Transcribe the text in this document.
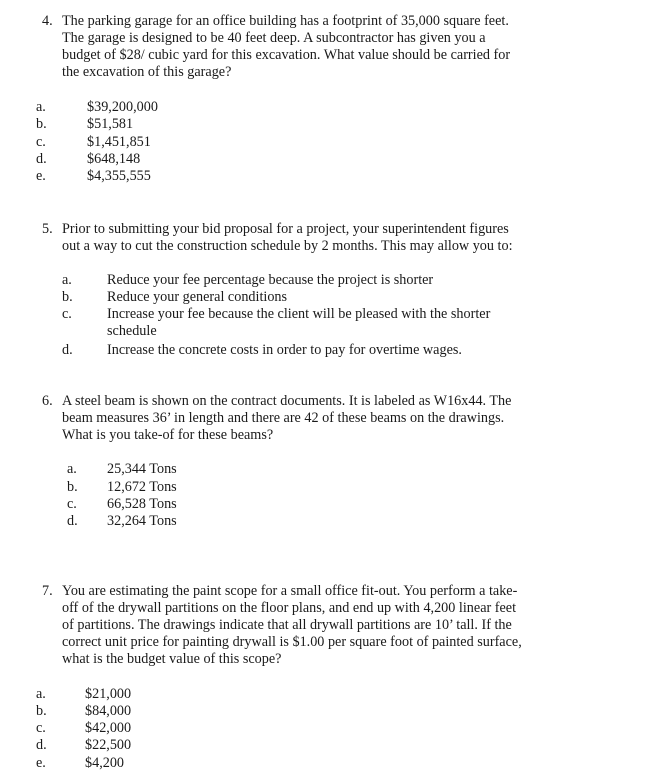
4. The parking garage for an office building has a footprint of 35,000 square feet.
The garage is designed to be 40 feet deep. A subcontractor has given you a
budget of $28/ cubic yard for this excavation. What value should be carried for
the excavation of this garage?
a.	$39,200,000
b.	$51,581
c.	$1,451,851
d.	$648,148
e.	$4,355,555
5. Prior to submitting your bid proposal for a project, your superintendent figures
out a way to cut the construction schedule by 2 months. This may allow you to:
a. Reduce your fee percentage because the project is shorter
b. Reduce your general conditions
c. Increase your fee because the client will be pleased with the shorter
schedule
d. Increase the concrete costs in order to pay for overtime wages.
6. A steel beam is shown on the contract documents. It is labeled as W16x44. The
beam measures 36’ in length and there are 42 of these beams on the drawings.
What is you take-of for these beams?
a. 25,344 Tons
b. 12,672 Tons
c. 66,528 Tons
d. 32,264 Tons
7. You are estimating the paint scope for a small office fit-out. You perform a take-
off of the drywall partitions on the floor plans, and end up with 4,200 linear feet
of partitions. The drawings indicate that all drywall partitions are 10’ tall. If the
correct unit price for painting drywall is $1.00 per square foot of painted surface,
what is the budget value of this scope?
a.	$21,000
b.	$84,000
c.	$42,000
d.	$22,500
e.	$4,200
